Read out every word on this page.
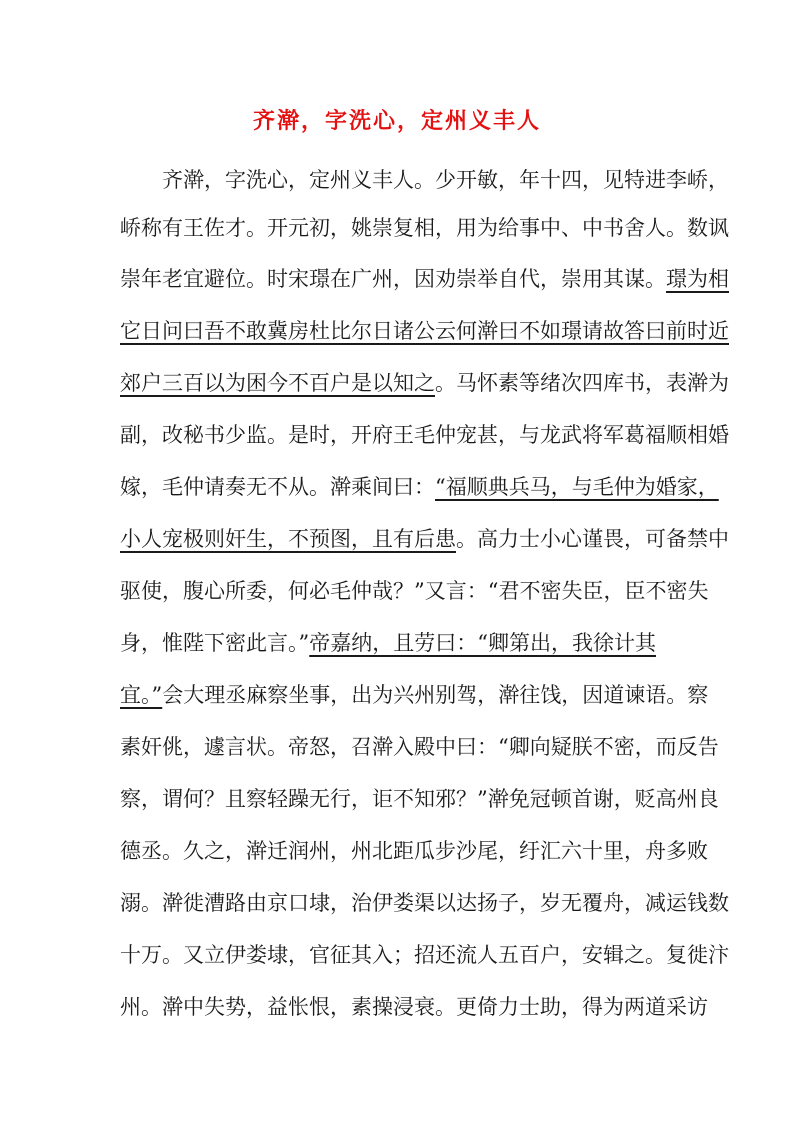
齐澣，字洗心，定州义丰人
齐澣，字洗心，定州义丰人。少开敏，年十四，见特进李峤，
峤称有王佐才。开元初，姚崇复相，用为给事中、中书舍人。数讽
崇年老宜避位。时宋璟在广州，因劝崇举自代，崇用其谋。璟为相
它日问曰吾不敢冀房杜比尔日诸公云何澣曰不如璟请故答曰前时近
郊户三百以为困今不百户是以知之。马怀素等绪次四库书，表澣为
副，改秘书少监。是时，开府王毛仲宠甚，与龙武将军葛福顺相婚
嫁，毛仲请奏无不从。澣乘间曰：“福顺典兵马，与毛仲为婚家，
小人宠极则奸生，不预图，且有后患。高力士小心谨畏，可备禁中
驱使，腹心所委，何必毛仲哉？”又言：“君不密失臣，臣不密失
身，惟陛下密此言。”帝嘉纳，且劳曰：“卿第出，我徐计其
宜。”会大理丞麻察坐事，出为兴州别驾，澣往饯，因道谏语。察
素奸佻，遽言状。帝怒，召澣入殿中曰：“卿向疑朕不密，而反告
察，谓何？且察轻躁无行，讵不知邪？”澣免冠顿首谢，贬高州良
德丞。久之，澣迁润州，州北距瓜步沙尾，纡汇六十里，舟多败
溺。澣徙漕路由京口埭，治伊娄渠以达扬子，岁无覆舟，减运钱数
十万。又立伊娄埭，官征其入；招还流人五百户，安辑之。复徙汴
州。澣中失势，益怅恨，素操浸衰。更倚力士助，得为两道采访
